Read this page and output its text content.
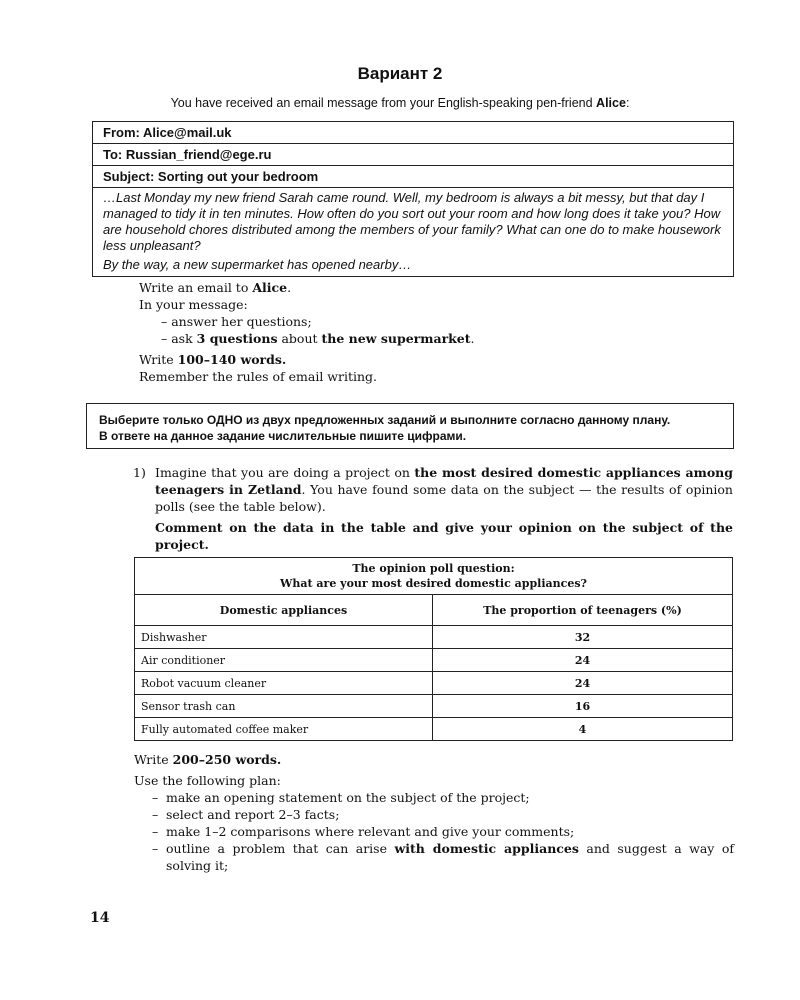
Вариант 2
You have received an email message from your English-speaking pen-friend Alice:
From: Alice@mail.uk
To: Russian_friend@ege.ru
Subject: Sorting out your bedroom

…Last Monday my new friend Sarah came round. Well, my bedroom is always a bit messy, but that day I managed to tidy it in ten minutes. How often do you sort out your room and how long does it take you? How are household chores distributed among the members of your family? What can one do to make housework less unpleasant?

By the way, a new supermarket has opened nearby…

Write an email to Alice.

In your message:

– answer her questions;

– ask 3 questions about the new supermarket.

Write 100–140 words.

Remember the rules of email writing.

Выберите только ОДНО из двух предложенных заданий и выполните согласно данному плану.
В ответе на данное задание числительные пишите цифрами.
1) Imagine that you are doing a project on the most desired domestic appliances among teenagers in Zetland. You have found some data on the subject — the results of opinion polls (see the table below).

Comment on the data in the table and give your opinion on the subject of the project.

The opinion poll question:
What are your most desired domestic appliances?	

Domestic appliances	The proportion of teenagers (%)
Dishwasher	32
Air conditioner	24
Robot vacuum cleaner	24
Sensor trash can	16
Fully automated coffee maker	4

Write 200–250 words.

Use the following plan:

– make an opening statement on the subject of the project;
– select and report 2–3 facts;
– make 1–2 comparisons where relevant and give your comments;
– outline a problem that can arise with domestic appliances and suggest a way of solving it;
14
